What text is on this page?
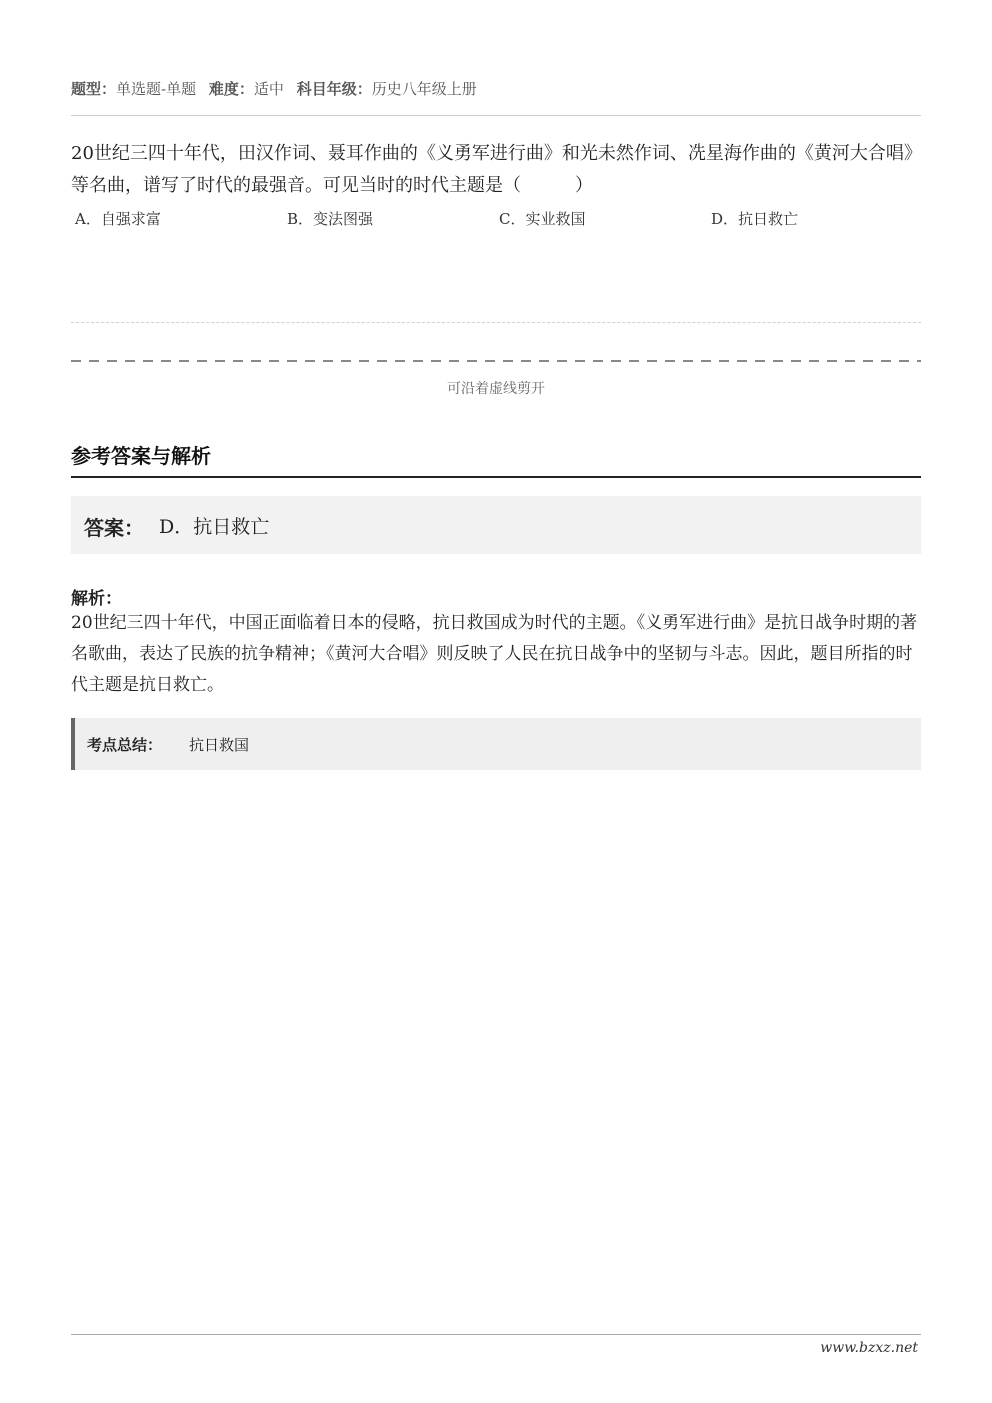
题型：单选题-单题 难度：适中 科目年级：历史八年级上册
20世纪三四十年代，田汉作词、聂耳作曲的《义勇军进行曲》和光未然作词、冼星海作曲的《黄河大合唱》等名曲，谱写了时代的最强音。可见当时的时代主题是（　　　）
A．自强求富	B．变法图强	C．实业救国	D．抗日救亡
可沿着虚线剪开
参考答案与解析
答案： D．抗日救亡
解析：
20世纪三四十年代，中国正面临着日本的侵略，抗日救国成为时代的主题。《义勇军进行曲》是抗日战争时期的著名歌曲，表达了民族的抗争精神；《黄河大合唱》则反映了人民在抗日战争中的坚韧与斗志。因此，题目所指的时代主题是抗日救亡。
考点总结： 抗日救国
www.bzxz.net
